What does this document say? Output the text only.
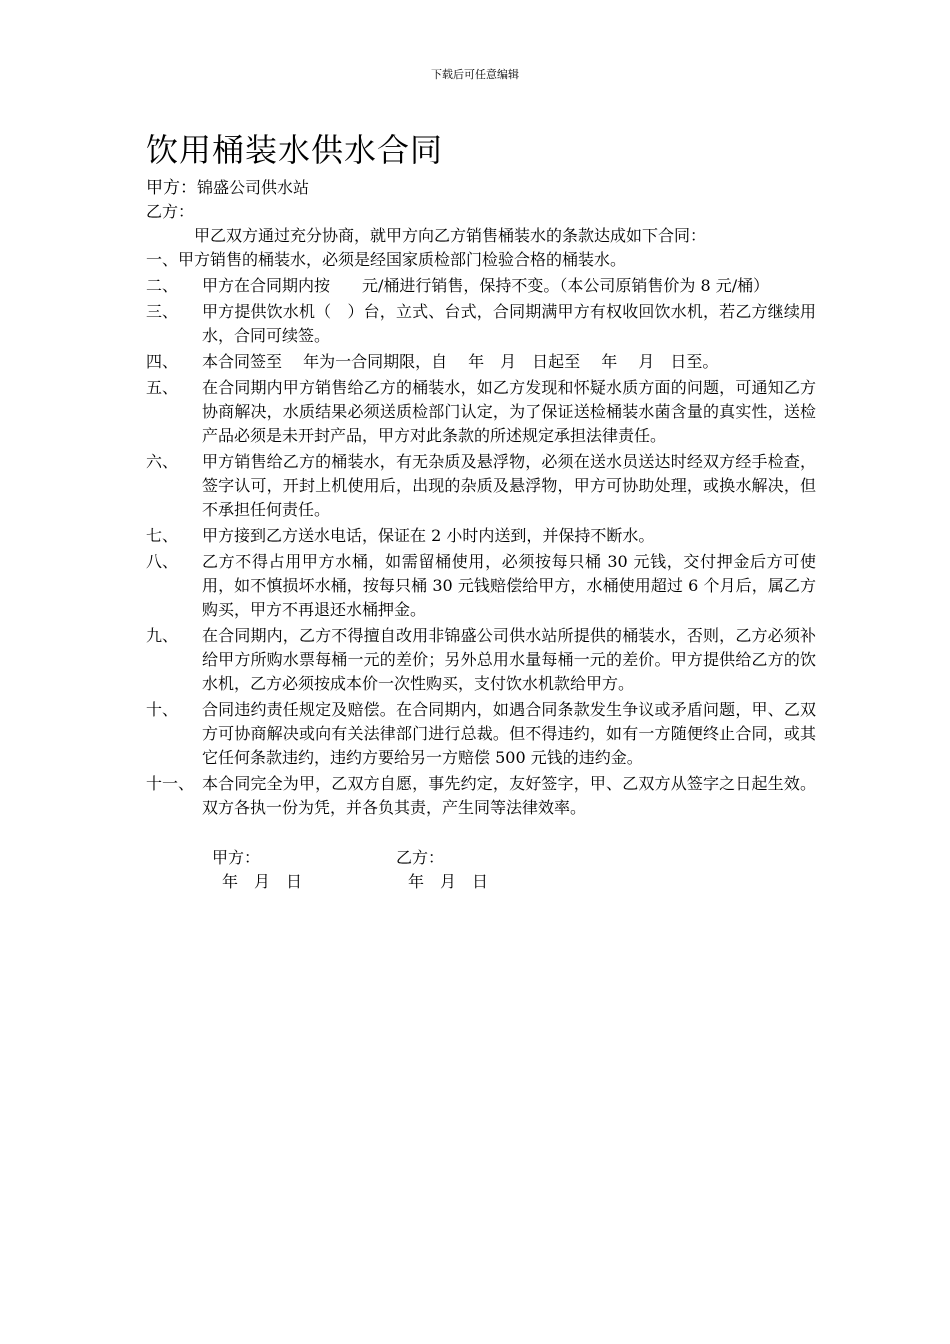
下载后可任意编辑
饮用桶装水供水合同
甲方：锦盛公司供水站
乙方：
甲乙双方通过充分协商，就甲方向乙方销售桶装水的条款达成如下合同：
一、 甲方销售的桶装水，必须是经国家质检部门检验合格的桶装水。
二、	甲方在合同期内按　　元/桶进行销售，保持不变。（本公司原销售价为 8 元/桶）
三、	甲方提供饮水机（　）台，立式、台式，合同期满甲方有权收回饮水机，若乙方继续用水，合同可续签。
四、	本合同签至　 年为一合同期限，自　 年　月　日起至　 年　 月　日至。
五、	在合同期内甲方销售给乙方的桶装水，如乙方发现和怀疑水质方面的问题，可通知乙方协商解决，水质结果必须送质检部门认定，为了保证送检桶装水菌含量的真实性，送检产品必须是未开封产品，甲方对此条款的所述规定承担法律责任。
六、	甲方销售给乙方的桶装水，有无杂质及悬浮物，必须在送水员送达时经双方经手检查，签字认可，开封上机使用后，出现的杂质及悬浮物，甲方可协助处理，或换水解决，但不承担任何责任。
七、	甲方接到乙方送水电话，保证在 2 小时内送到，并保持不断水。
八、	乙方不得占用甲方水桶，如需留桶使用，必须按每只桶 30 元钱，交付押金后方可使用，如不慎损坏水桶，按每只桶 30 元钱赔偿给甲方，水桶使用超过 6 个月后，属乙方购买，甲方不再退还水桶押金。
九、	在合同期内，乙方不得擅自改用非锦盛公司供水站所提供的桶装水，否则，乙方必须补给甲方所购水票每桶一元的差价；另外总用水量每桶一元的差价。甲方提供给乙方的饮水机，乙方必须按成本价一次性购买，支付饮水机款给甲方。
十、	合同违约责任规定及赔偿。在合同期内，如遇合同条款发生争议或矛盾问题，甲、乙双方可协商解决或向有关法律部门进行总裁。但不得违约，如有一方随便终止合同，或其它任何条款违约，违约方要给另一方赔偿 500 元钱的违约金。
十一、 本合同完全为甲，乙双方自愿，事先约定，友好签字，甲、乙双方从签字之日起生效。双方各执一份为凭，并各负其责，产生同等法律效率。
甲方：	乙方：
年　月　日	年　月　日
